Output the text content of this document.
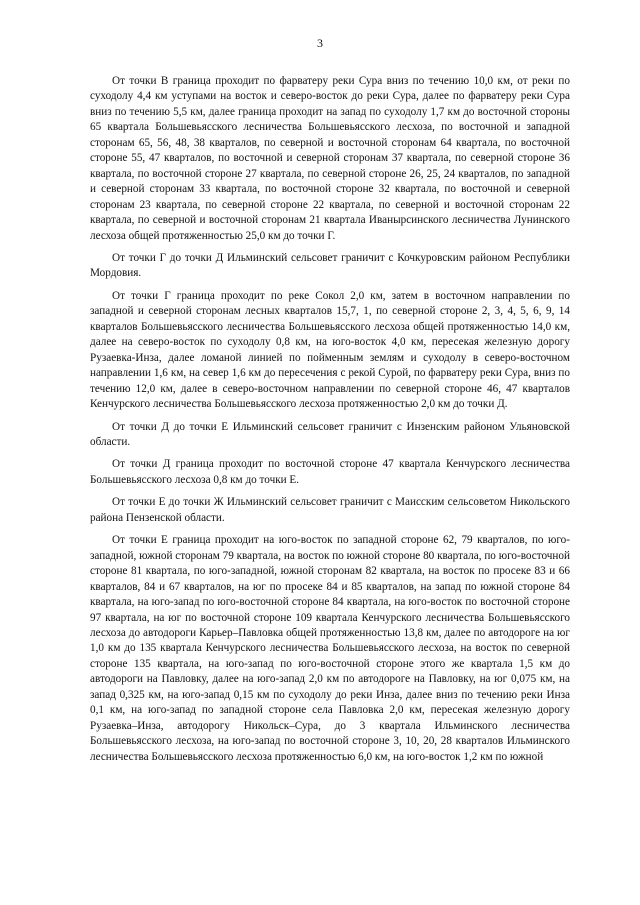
3

От точки В граница проходит по фарватеру реки Сура вниз по течению 10,0 км, от реки по суходолу 4,4 км уступами на восток и северо-восток до реки Сура, далее по фарватеру реки Сура вниз по течению 5,5 км, далее граница проходит на запад по суходолу 1,7 км до восточной стороны 65 квартала Большевьясского лесничества Большевьясского лесхоза, по восточной и западной сторонам 65, 56, 48, 38 кварталов, по северной и восточной сторонам 64 квартала, по восточной стороне 55, 47 кварталов, по восточной и северной сторонам 37 квартала, по северной стороне 36 квартала, по восточной стороне 27 квартала, по северной стороне 26, 25, 24 кварталов, по западной и северной сторонам 33 квартала, по восточной стороне 32 квартала, по восточной и северной сторонам 23 квартала, по северной стороне 22 квартала, по северной и восточной сторонам 22 квартала, по северной и восточной сторонам 21 квартала Иванырсинского лесничества Лунинского лесхоза общей протяженностью 25,0 км до точки Г.

От точки Г до точки Д Ильминский сельсовет граничит с Кочкуровским районом Республики Мордовия.

От точки Г граница проходит по реке Сокол 2,0 км, затем в восточном направлении по западной и северной сторонам лесных кварталов 15,7, 1, по северной стороне 2, 3, 4, 5, 6, 9, 14 кварталов Большевьясского лесничества Большевьясского лесхоза общей протяженностью 14,0 км, далее на северо-восток по суходолу 0,8 км, на юго-восток 4,0 км, пересекая железную дорогу Рузаевка-Инза, далее ломаной линией по пойменным землям и суходолу в северо-восточном направлении 1,6 км, на север 1,6 км до пересечения с рекой Сурой, по фарватеру реки Сура, вниз по течению 12,0 км, далее в северо-восточном направлении по северной стороне 46, 47 кварталов Кенчурского лесничества Большевьясского лесхоза протяженностью 2,0 км до точки Д.

От точки Д до точки Е Ильминский сельсовет граничит с Инзенским районом Ульяновской области.

От точки Д граница проходит по восточной стороне 47 квартала Кенчурского лесничества Большевьясского лесхоза 0,8 км до точки Е.

От точки Е до точки Ж Ильминский сельсовет граничит с Маисским сельсоветом Никольского района Пензенской области.

От точки Е граница проходит на юго-восток по западной стороне 62, 79 кварталов, по юго-западной, южной сторонам 79 квартала, на восток по южной стороне 80 квартала, по юго-восточной стороне 81 квартала, по юго-западной, южной сторонам 82 квартала, на восток по просеке 83 и 66 кварталов, 84 и 67 кварталов, на юг по просеке 84 и 85 кварталов, на запад по южной стороне 84 квартала, на юго-запад по юго-восточной стороне 84 квартала, на юго-восток по восточной стороне 97 квартала, на юг по восточной стороне 109 квартала Кенчурского лесничества Большевьясского лесхоза до автодороги Карьер–Павловка общей протяженностью 13,8 км, далее по автодороге на юг 1,0 км до 135 квартала Кенчурского лесничества Большевьясского лесхоза, на восток по северной стороне 135 квартала, на юго-запад по юго-восточной стороне этого же квартала 1,5 км до автодороги на Павловку, далее на юго-запад 2,0 км по автодороге на Павловку, на юг 0,075 км, на запад 0,325 км, на юго-запад 0,15 км по суходолу до реки Инза, далее вниз по течению реки Инза 0,1 км, на юго-запад по западной стороне села Павловка 2,0 км, пересекая железную дорогу Рузаевка–Инза, автодорогу Никольск–Сура, до 3 квартала Ильминского лесничества Большевьясского лесхоза, на юго-запад по восточной стороне 3, 10, 20, 28 кварталов Ильминского лесничества Большевьясского лесхоза протяженностью 6,0 км, на юго-восток 1,2 км по южной
